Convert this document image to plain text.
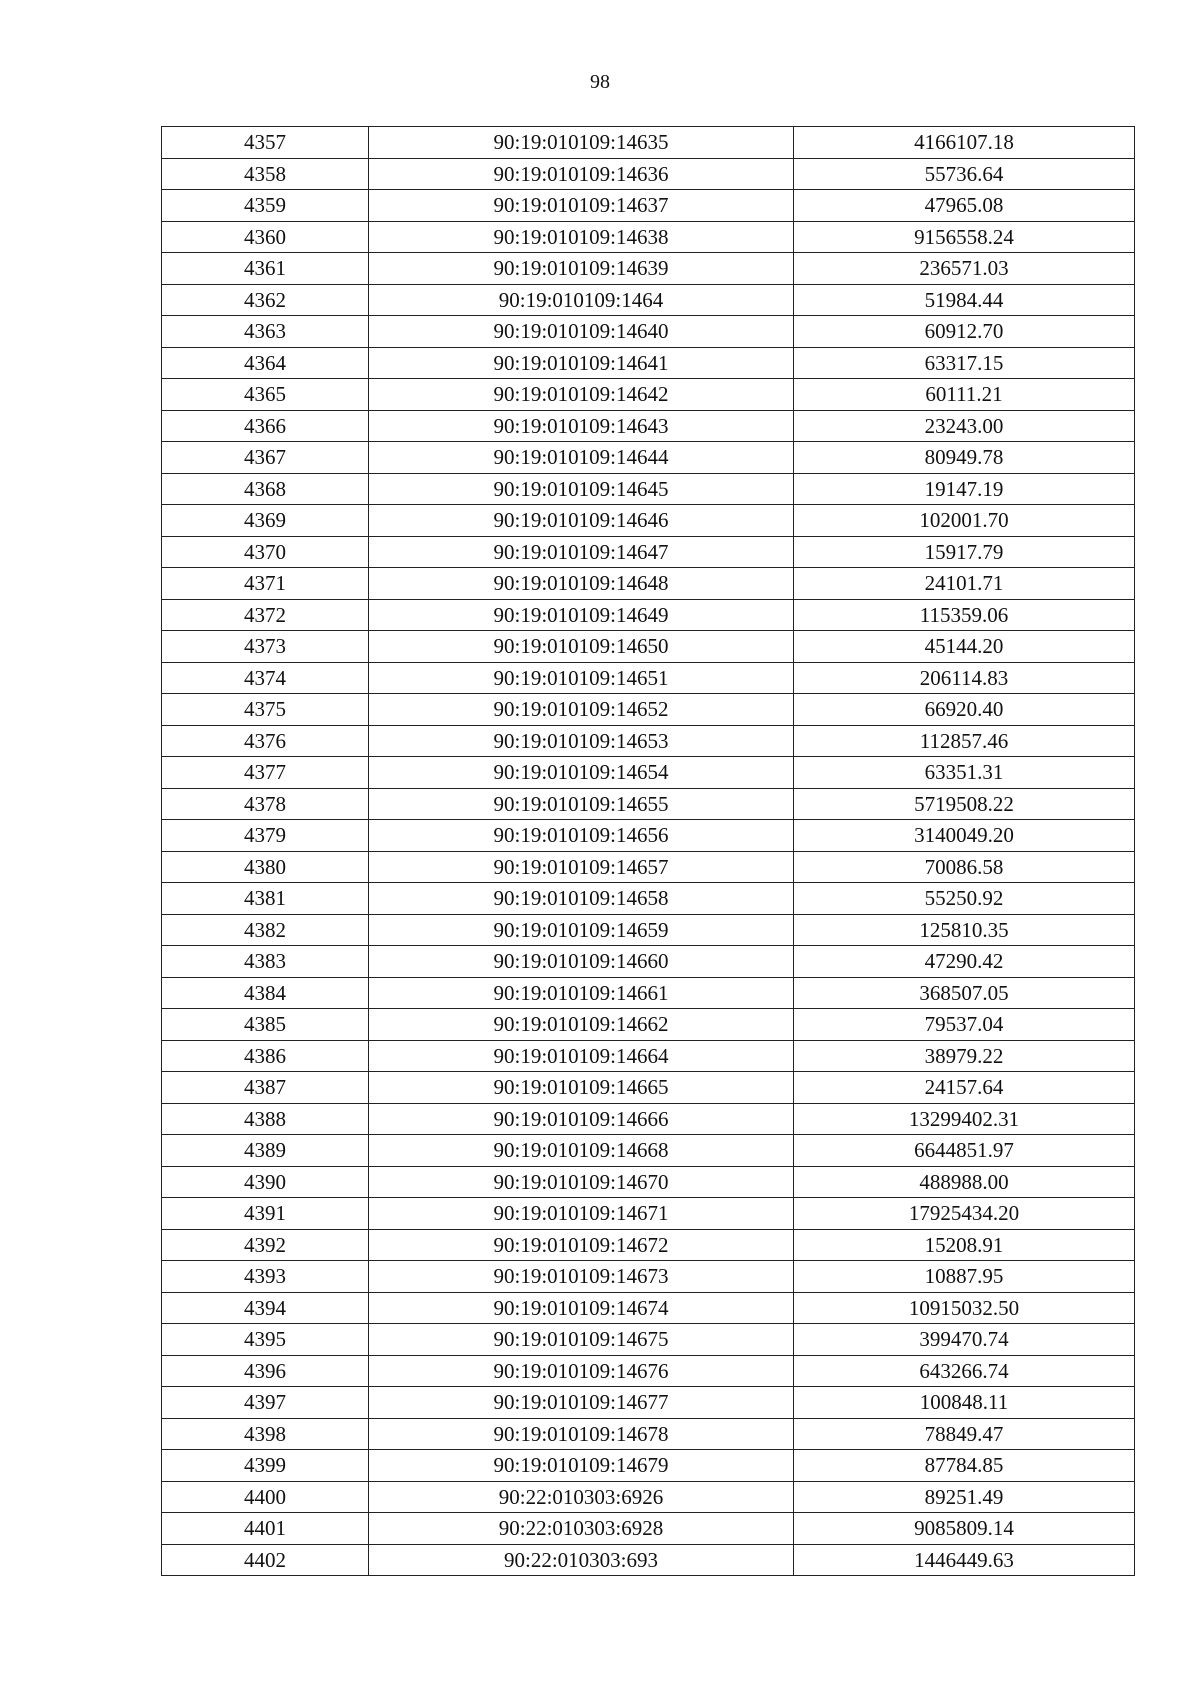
98
4357	90:19:010109:14635	4166107.18
4358	90:19:010109:14636	55736.64
4359	90:19:010109:14637	47965.08
4360	90:19:010109:14638	9156558.24
4361	90:19:010109:14639	236571.03
4362	90:19:010109:1464	51984.44
4363	90:19:010109:14640	60912.70
4364	90:19:010109:14641	63317.15
4365	90:19:010109:14642	60111.21
4366	90:19:010109:14643	23243.00
4367	90:19:010109:14644	80949.78
4368	90:19:010109:14645	19147.19
4369	90:19:010109:14646	102001.70
4370	90:19:010109:14647	15917.79
4371	90:19:010109:14648	24101.71
4372	90:19:010109:14649	115359.06
4373	90:19:010109:14650	45144.20
4374	90:19:010109:14651	206114.83
4375	90:19:010109:14652	66920.40
4376	90:19:010109:14653	112857.46
4377	90:19:010109:14654	63351.31
4378	90:19:010109:14655	5719508.22
4379	90:19:010109:14656	3140049.20
4380	90:19:010109:14657	70086.58
4381	90:19:010109:14658	55250.92
4382	90:19:010109:14659	125810.35
4383	90:19:010109:14660	47290.42
4384	90:19:010109:14661	368507.05
4385	90:19:010109:14662	79537.04
4386	90:19:010109:14664	38979.22
4387	90:19:010109:14665	24157.64
4388	90:19:010109:14666	13299402.31
4389	90:19:010109:14668	6644851.97
4390	90:19:010109:14670	488988.00
4391	90:19:010109:14671	17925434.20
4392	90:19:010109:14672	15208.91
4393	90:19:010109:14673	10887.95
4394	90:19:010109:14674	10915032.50
4395	90:19:010109:14675	399470.74
4396	90:19:010109:14676	643266.74
4397	90:19:010109:14677	100848.11
4398	90:19:010109:14678	78849.47
4399	90:19:010109:14679	87784.85
4400	90:22:010303:6926	89251.49
4401	90:22:010303:6928	9085809.14
4402	90:22:010303:693	1446449.63
